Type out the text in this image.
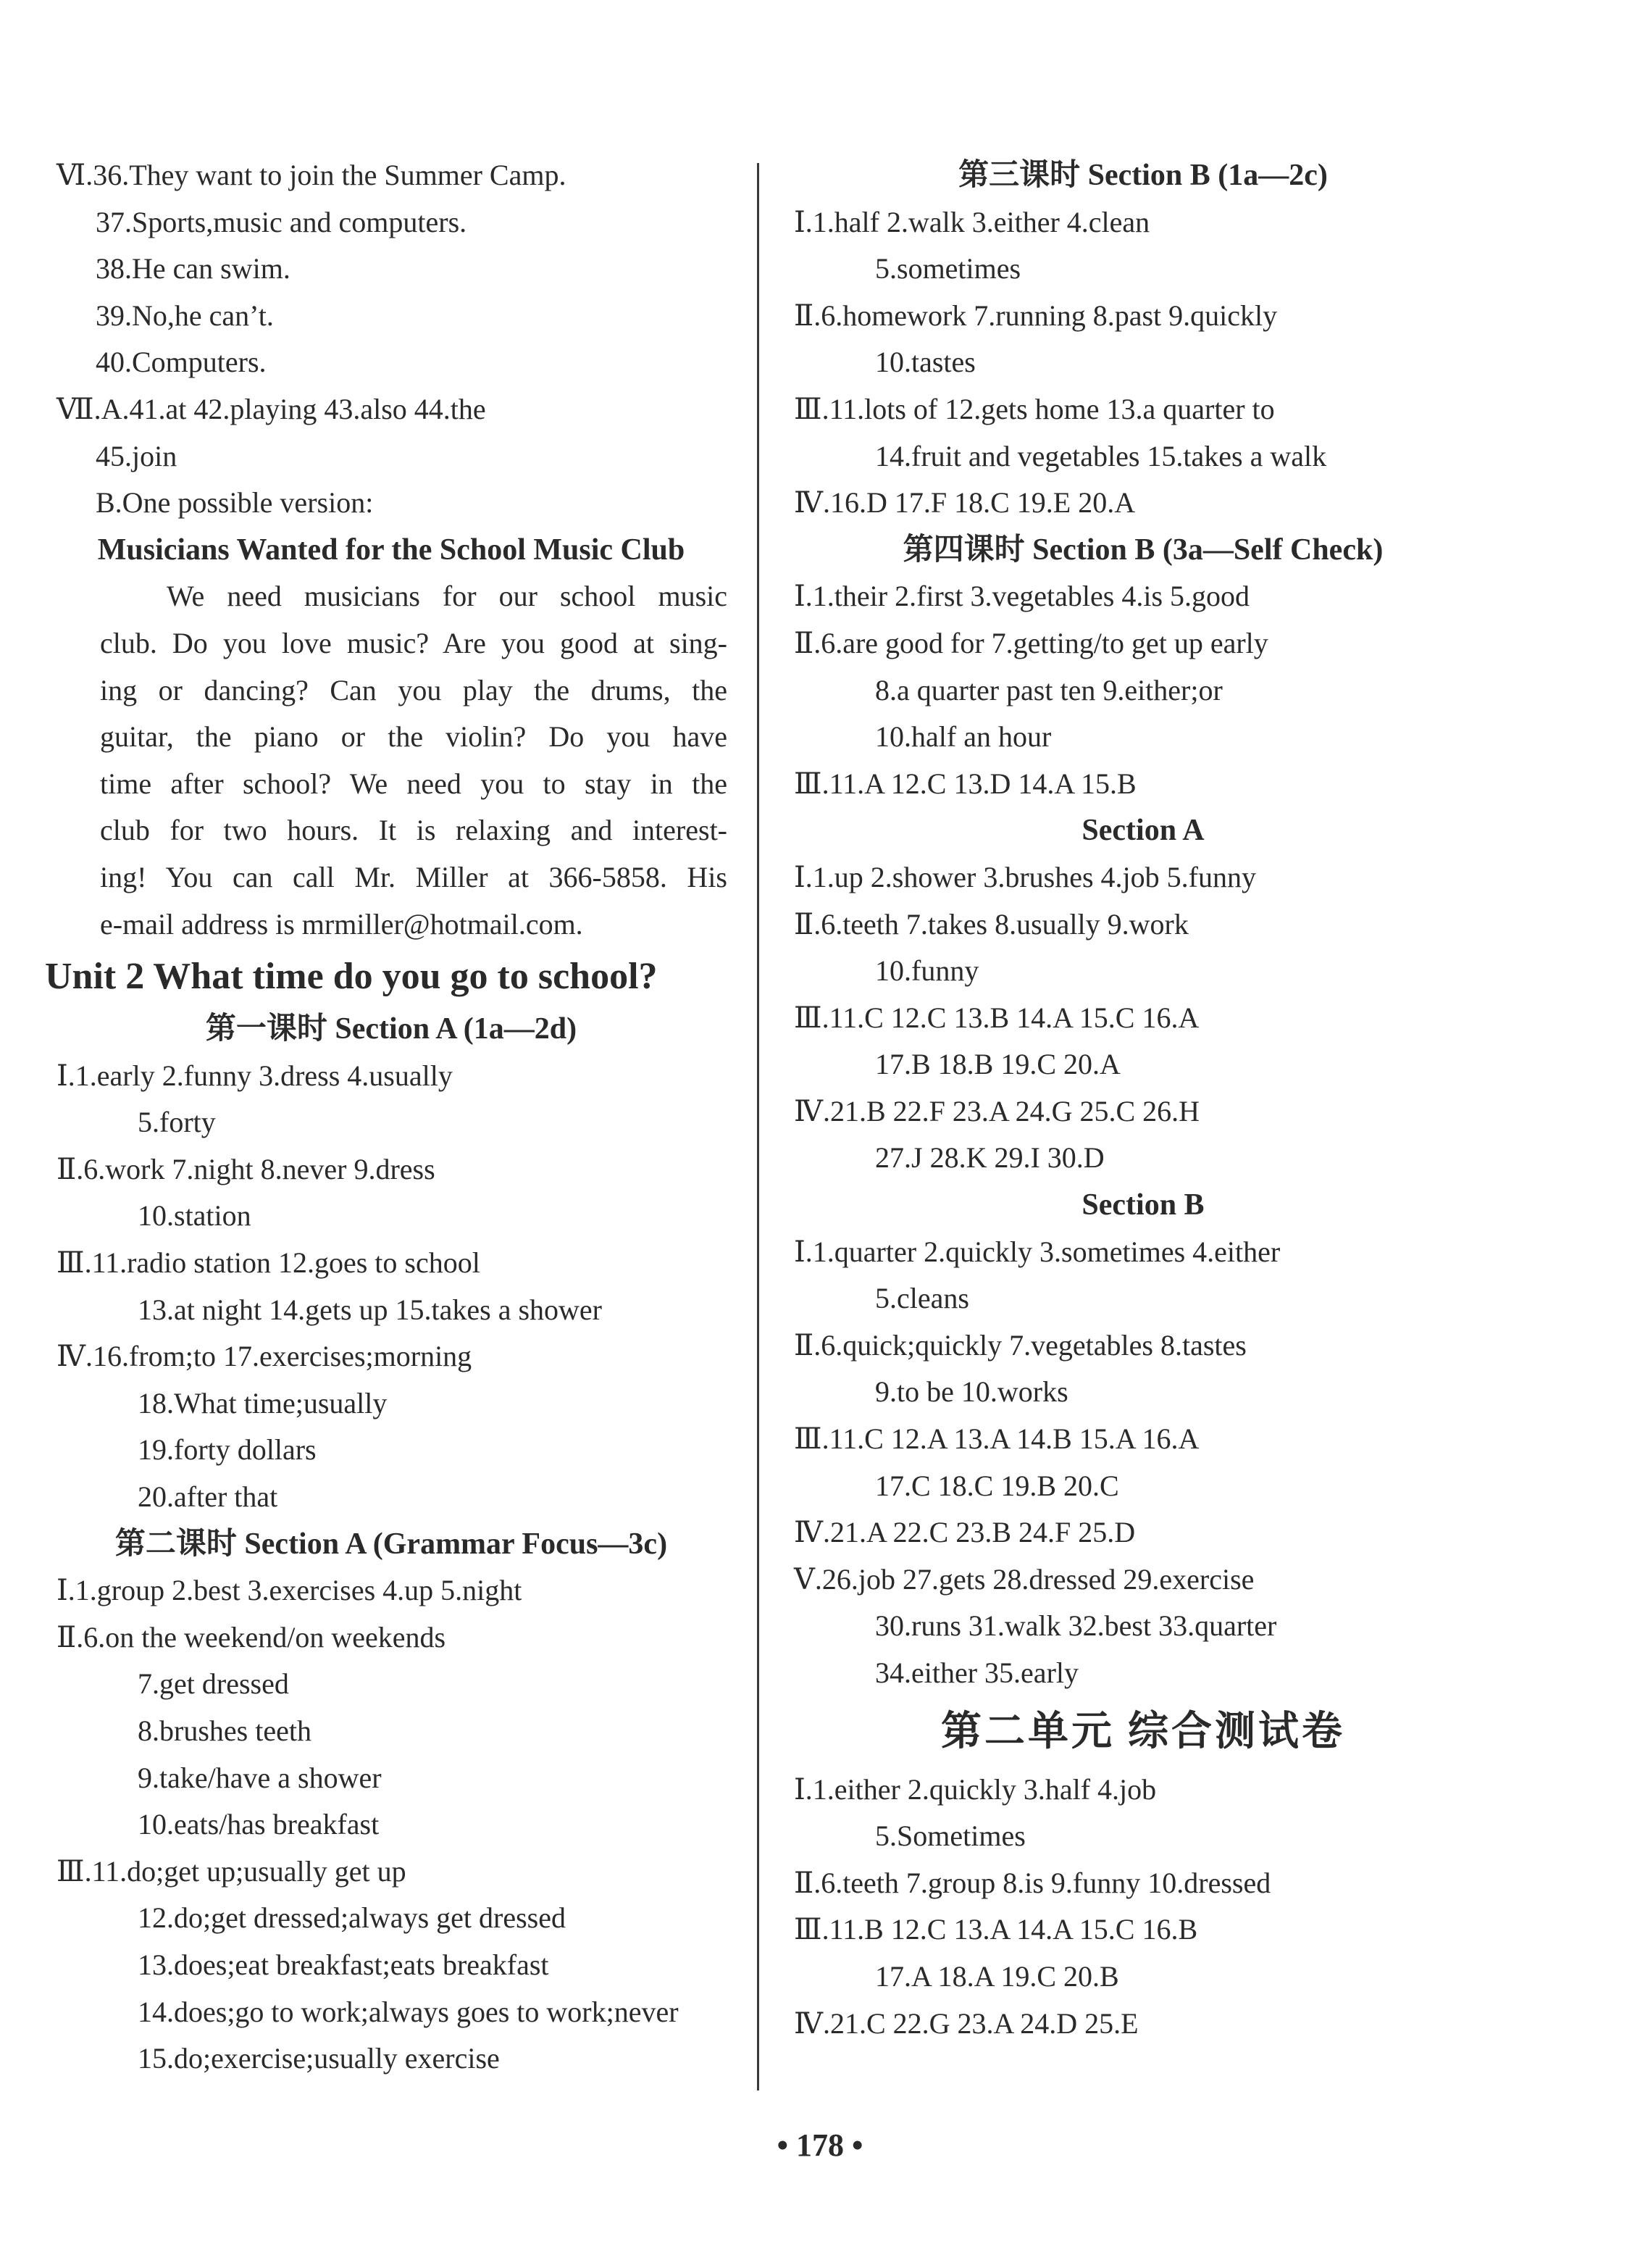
Ⅵ.36.They want to join the Summer Camp.
37.Sports,music and computers.
38.He can swim.
39.No,he can’t.
40.Computers.
Ⅶ.A.41.at 42.playing 43.also 44.the
45.join
B.One possible version:
Musicians Wanted for the School Music Club
We need musicians for our school music
club. Do you love music? Are you good at sing-
ing or dancing? Can you play the drums, the
guitar, the piano or the violin? Do you have
time after school? We need you to stay in the
club for two hours. It is relaxing and interest-
ing! You can call Mr. Miller at 366-5858. His
e-mail address is mrmiller@hotmail.com.
Unit 2 What time do you go to school?
第一课时 Section A (1a—2d)
Ⅰ.1.early 2.funny 3.dress 4.usually
5.forty
Ⅱ.6.work 7.night 8.never 9.dress
10.station
Ⅲ.11.radio station 12.goes to school
13.at night 14.gets up 15.takes a shower
Ⅳ.16.from;to 17.exercises;morning
18.What time;usually
19.forty dollars
20.after that
第二课时 Section A (Grammar Focus—3c)
Ⅰ.1.group 2.best 3.exercises 4.up 5.night
Ⅱ.6.on the weekend/on weekends
7.get dressed
8.brushes teeth
9.take/have a shower
10.eats/has breakfast
Ⅲ.11.do;get up;usually get up
12.do;get dressed;always get dressed
13.does;eat breakfast;eats breakfast
14.does;go to work;always goes to work;never
15.do;exercise;usually exercise
第三课时 Section B (1a—2c)
Ⅰ.1.half 2.walk 3.either 4.clean
5.sometimes
Ⅱ.6.homework 7.running 8.past 9.quickly
10.tastes
Ⅲ.11.lots of 12.gets home 13.a quarter to
14.fruit and vegetables 15.takes a walk
Ⅳ.16.D 17.F 18.C 19.E 20.A
第四课时 Section B (3a—Self Check)
Ⅰ.1.their 2.first 3.vegetables 4.is 5.good
Ⅱ.6.are good for 7.getting/to get up early
8.a quarter past ten 9.either;or
10.half an hour
Ⅲ.11.A 12.C 13.D 14.A 15.B
Section A
Ⅰ.1.up 2.shower 3.brushes 4.job 5.funny
Ⅱ.6.teeth 7.takes 8.usually 9.work
10.funny
Ⅲ.11.C 12.C 13.B 14.A 15.C 16.A
17.B 18.B 19.C 20.A
Ⅳ.21.B 22.F 23.A 24.G 25.C 26.H
27.J 28.K 29.I 30.D
Section B
Ⅰ.1.quarter 2.quickly 3.sometimes 4.either
5.cleans
Ⅱ.6.quick;quickly 7.vegetables 8.tastes
9.to be 10.works
Ⅲ.11.C 12.A 13.A 14.B 15.A 16.A
17.C 18.C 19.B 20.C
Ⅳ.21.A 22.C 23.B 24.F 25.D
Ⅴ.26.job 27.gets 28.dressed 29.exercise
30.runs 31.walk 32.best 33.quarter
34.either 35.early
第二单元 综合测试卷
Ⅰ.1.either 2.quickly 3.half 4.job
5.Sometimes
Ⅱ.6.teeth 7.group 8.is 9.funny 10.dressed
Ⅲ.11.B 12.C 13.A 14.A 15.C 16.B
17.A 18.A 19.C 20.B
Ⅳ.21.C 22.G 23.A 24.D 25.E
• 178 •
